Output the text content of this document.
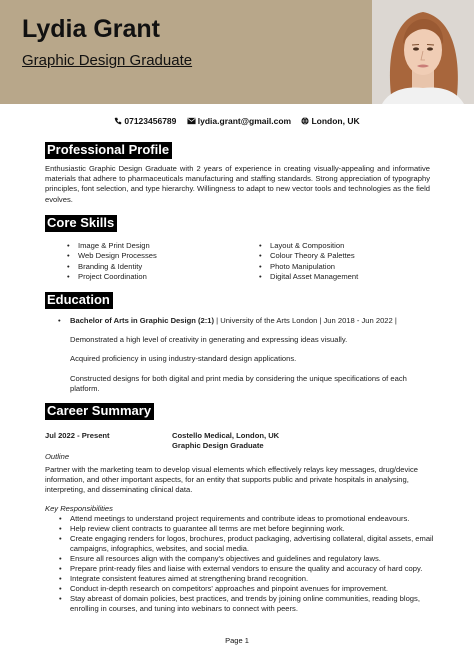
Lydia Grant
Graphic Design Graduate
07123456789	lydia.grant@gmail.com London, UK
Professional Profile
Enthusiastic Graphic Design Graduate with 2 years of experience in creating visually-appealing and informative materials that adhere to pharmaceuticals manufacturing and staffing standards. Strong appreciation of typography principles, font selection, and type hierarchy. Willingness to adapt to new vector tools and technologies as the field evolves.
Core Skills
• Image & Print Design
• Web Design Processes
• Branding & Identity
• Project Coordination
• Layout & Composition
• Colour Theory & Palettes
• Photo Manipulation
• Digital Asset Management
Education
• Bachelor of Arts in Graphic Design (2:1) | University of the Arts London | Jun 2018 - Jun 2022 |
Demonstrated a high level of creativity in generating and expressing ideas visually.
Acquired proficiency in using industry-standard design applications.
Constructed designs for both digital and print media by considering the unique specifications of each platform.
Career Summary
Jul 2022 - Present	Costello Medical, London, UK
Graphic Design Graduate
Outline
Partner with the marketing team to develop visual elements which effectively relays key messages, drug/device information, and other important aspects, for an entity that supports public and private hospitals in analysing, interpreting, and disseminating clinical data.
Key Responsibilities
• Attend meetings to understand project requirements and contribute ideas to promotional endeavours.
• Help review client contracts to guarantee all terms are met before beginning work.
• Create engaging renders for logos, brochures, product packaging, advertising collateral, digital assets, email campaigns, infographics, websites, and social media.
• Ensure all resources align with the company's objectives and guidelines and regulatory laws.
• Prepare print-ready files and liaise with external vendors to ensure the quality and accuracy of hard copy.
• Integrate consistent features aimed at strengthening brand recognition.
• Conduct in-depth research on competitors' approaches and pinpoint avenues for improvement.
• Stay abreast of domain policies, best practices, and trends by joining online communities, reading blogs, enrolling in courses, and tuning into webinars to connect with peers.
Page 1
